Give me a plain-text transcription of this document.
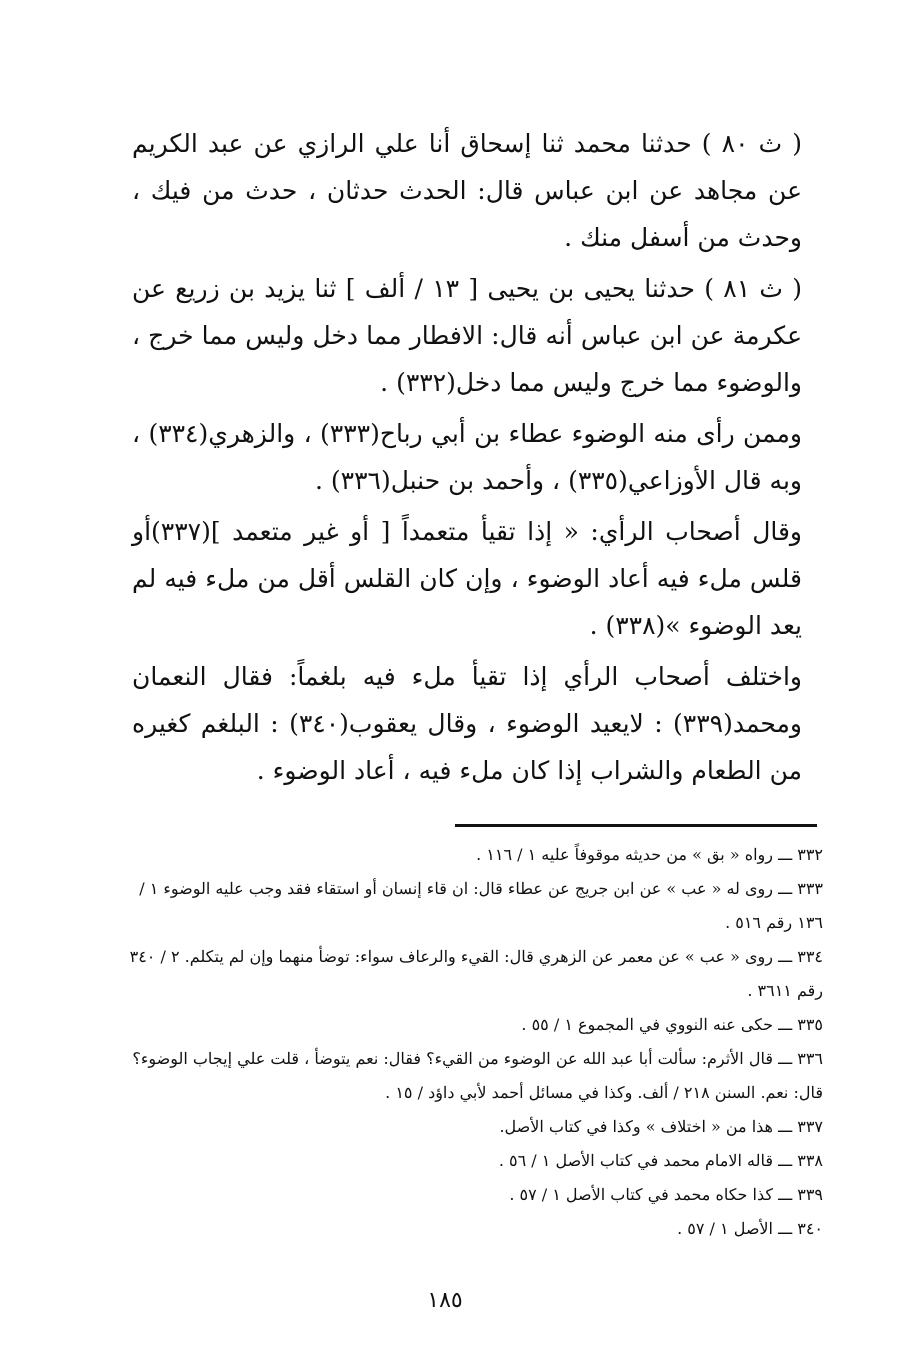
( ث ٨٠ ) حدثنا محمد ثنا إسحاق أنا علي الرازي عن عبد الكريم عن مجاهد عن ابن عباس قال: الحدث حدثان ، حدث من فيك ، وحدث من أسفل منك .

( ث ٨١ ) حدثنا يحيى بن يحيى [ ١٣ / ألف ] ثنا يزيد بن زريع عن عكرمة عن ابن عباس أنه قال: الافطار مما دخل وليس مما خرج ، والوضوء مما خرج وليس مما دخل(٣٣٢) .

وممن رأى منه الوضوء عطاء بن أبي رباح(٣٣٣) ، والزهري(٣٣٤) ، وبه قال الأوزاعي(٣٣٥) ، وأحمد بن حنبل(٣٣٦) .

وقال أصحاب الرأي: « إذا تقيأ متعمداً [ أو غير متعمد ](٣٣٧)أو قلس ملء فيه أعاد الوضوء ، وإن كان القلس أقل من ملء فيه لم يعد الوضوء »(٣٣٨) .

واختلف أصحاب الرأي إذا تقيأ ملء فيه بلغماً: فقال النعمان ومحمد(٣٣٩) : لايعيد الوضوء ، وقال يعقوب(٣٤٠) : البلغم كغيره من الطعام والشراب إذا كان ملء فيه ، أعاد الوضوء .

٣٣٢ ـــ رواه « بق » من حديثه موقوفاً عليه ١ / ١١٦ .

٣٣٣ ـــ روى له « عب » عن ابن جريج عن عطاء قال: ان قاء إنسان أو استقاء فقد وجب عليه الوضوء ١ / ١٣٦ رقم ٥١٦ .

٣٣٤ ـــ روى « عب » عن معمر عن الزهري قال: القيء والرعاف سواء: توضأ منهما وإن لم يتكلم. ٢ / ٣٤٠ رقم ٣٦١١ .

٣٣٥ ـــ حكى عنه النووي في المجموع ١ / ٥٥ .

٣٣٦ ـــ قال الأثرم: سألت أبا عبد الله عن الوضوء من القيء؟ فقال: نعم يتوضأ ، قلت علي إيجاب الوضوء؟ قال: نعم. السنن ٢١٨ / ألف. وكذا في مسائل أحمد لأبي داؤد / ١٥ .

٣٣٧ ـــ هذا من « اختلاف » وكذا في كتاب الأصل.

٣٣٨ ـــ قاله الامام محمد في كتاب الأصل ١ / ٥٦ .

٣٣٩ ـــ كذا حكاه محمد في كتاب الأصل ١ / ٥٧ .

٣٤٠ ـــ الأصل ١ / ٥٧ .

١٨٥
